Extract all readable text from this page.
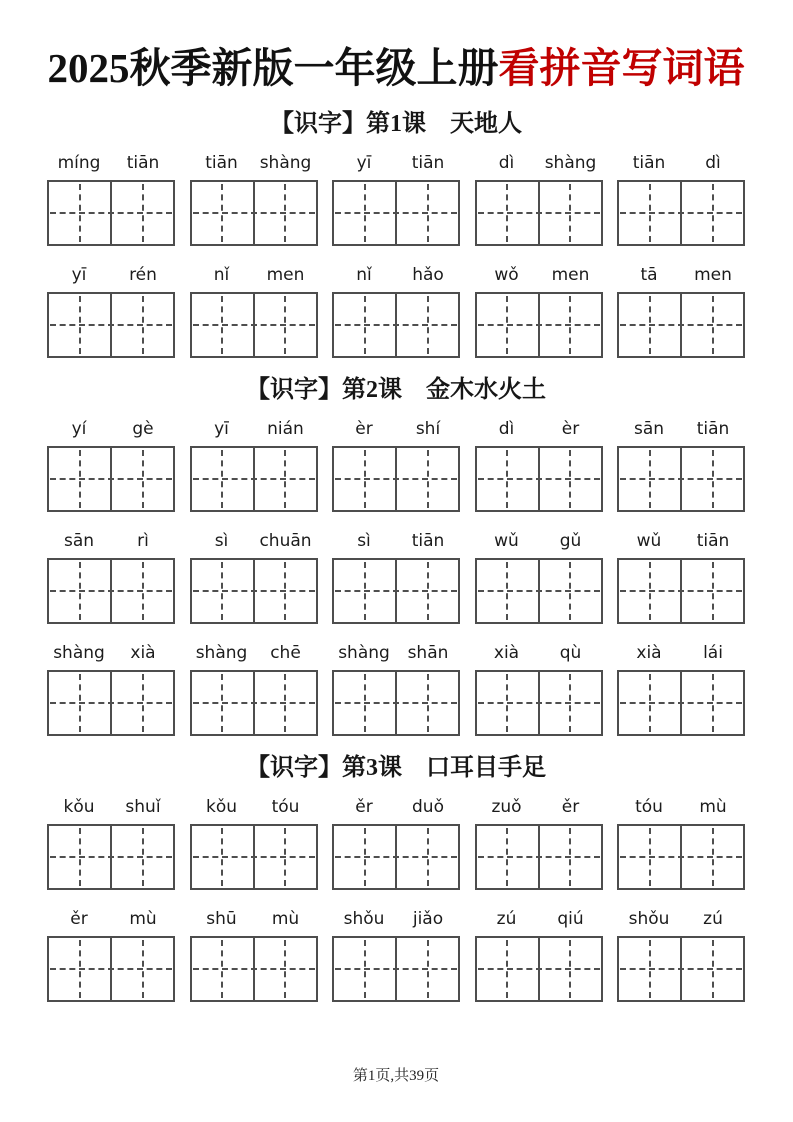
2025秋季新版一年级上册看拼音写词语
【识字】第1课　天地人
míng	tiān	tiān	shàng	yī	tiān	dì	shàng	tiān	dì
yī	rén	nǐ	men	nǐ	hǎo	wǒ	men	tā	men
【识字】第2课　金木水火土
yí	gè	yī	nián	èr	shí	dì	èr	sān	tiān
sān	rì	sì	chuān	sì	tiān	wǔ	gǔ	wǔ	tiān
shàng	xià	shàng	chē	shàng	shān	xià	qù	xià	lái
【识字】第3课　口耳目手足
kǒu	shuǐ	kǒu	tóu	ěr	duǒ	zuǒ	ěr	tóu	mù
ěr	mù	shū	mù	shǒu	jiǎo	zú	qiú	shǒu	zú
第1页,共39页
